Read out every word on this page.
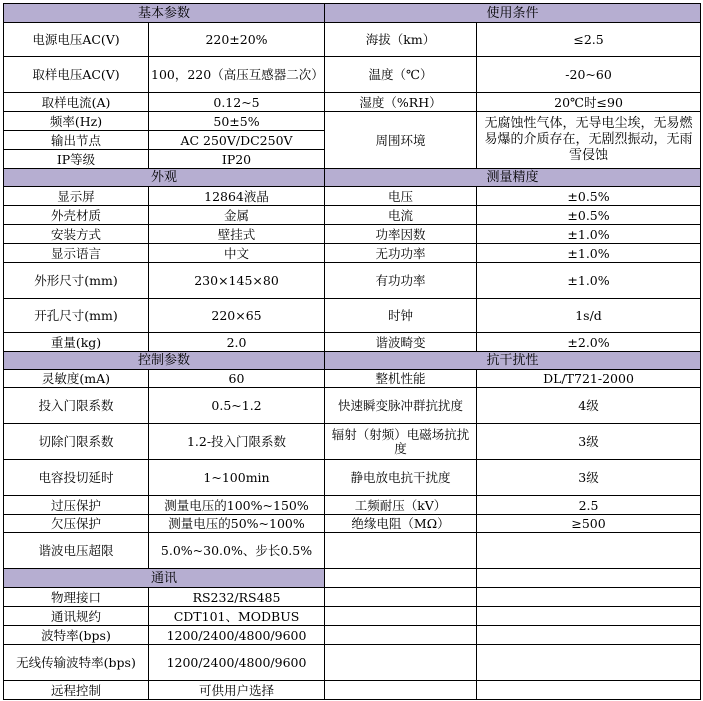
基本参数		使用条件	
电源电压AC(V)	220±20%	海拔（km）	≤2.5
取样电压AC(V)	100，220（高压互感器二次）	温度（℃）	-20~60
取样电流(A)	0.12~5	湿度（%RH）	20℃时≤90
频率(Hz)	50±5%	周围环境	无腐蚀性气体，无导电尘埃，无易燃易爆的介质存在，无剧烈振动，无雨雪侵蚀
输出节点	AC 250V/DC250V		
IP等级	IP20		
外观		测量精度	
显示屏	12864液晶	电压	±0.5%
外壳材质	金属	电流	±0.5%
安装方式	壁挂式	功率因数	±1.0%
显示语言	中文	无功功率	±1.0%
外形尺寸(mm)	230×145×80	有功功率	±1.0%
开孔尺寸(mm)	220×65	时钟	1s/d
重量(kg)	2.0	谐波畸变	±2.0%
控制参数		抗干扰性	
灵敏度(mA)	60	整机性能	DL/T721-2000
投入门限系数	0.5~1.2	快速瞬变脉冲群抗扰度	4级
切除门限系数	1.2-投入门限系数	辐射（射频）电磁场抗扰度	3级
电容投切延时	1~100min	静电放电抗干扰度	3级
过压保护	测量电压的100%~150%	工频耐压（kV）	2.5
欠压保护	测量电压的50%~100%	绝缘电阻（MΩ）	≥500
谐波电压超限	5.0%~30.0%、步长0.5%		
通讯			
物理接口	RS232/RS485		
通讯规约	CDT101、MODBUS		
波特率(bps)	1200/2400/4800/9600		
无线传输波特率(bps)	1200/2400/4800/9600		
远程控制	可供用户选择		
